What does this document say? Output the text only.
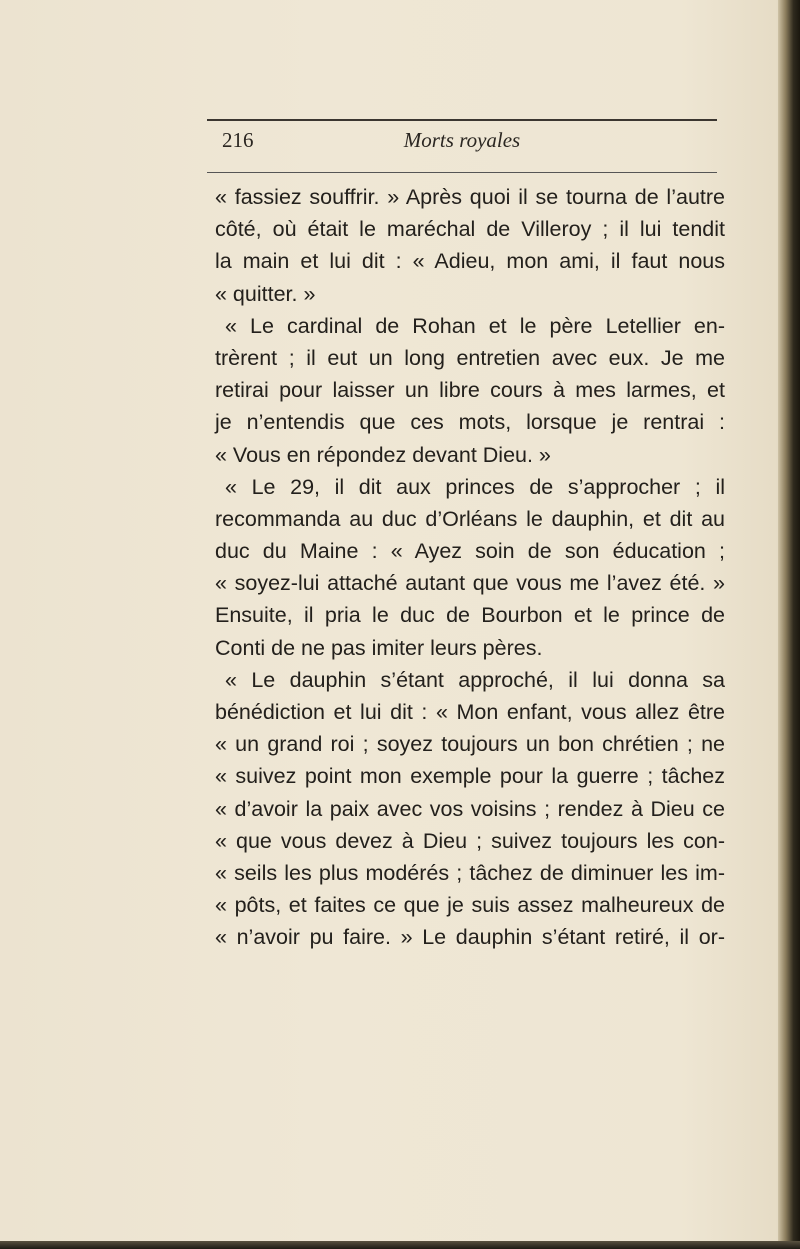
216	Morts royales
« fassiez souffrir. » Après quoi il se tourna de l’autre
côté, où était le maréchal de Villeroy ; il lui tendit
la main et lui dit : « Adieu, mon ami, il faut nous
« quitter. »
« Le cardinal de Rohan et le père Letellier en-
trèrent ; il eut un long entretien avec eux. Je me
retirai pour laisser un libre cours à mes larmes, et
je n’entendis que ces mots, lorsque je rentrai :
« Vous en répondez devant Dieu. »
« Le 29, il dit aux princes de s’approcher ; il
recommanda au duc d’Orléans le dauphin, et dit au
duc du Maine : « Ayez soin de son éducation ;
« soyez-lui attaché autant que vous me l’avez été. »
Ensuite, il pria le duc de Bourbon et le prince de
Conti de ne pas imiter leurs pères.
« Le dauphin s’étant approché, il lui donna sa
bénédiction et lui dit : « Mon enfant, vous allez être
« un grand roi ; soyez toujours un bon chrétien ; ne
« suivez point mon exemple pour la guerre ; tâchez
« d’avoir la paix avec vos voisins ; rendez à Dieu ce
« que vous devez à Dieu ; suivez toujours les con-
« seils les plus modérés ; tâchez de diminuer les im-
« pôts, et faites ce que je suis assez malheureux de
« n’avoir pu faire. » Le dauphin s’étant retiré, il or-
